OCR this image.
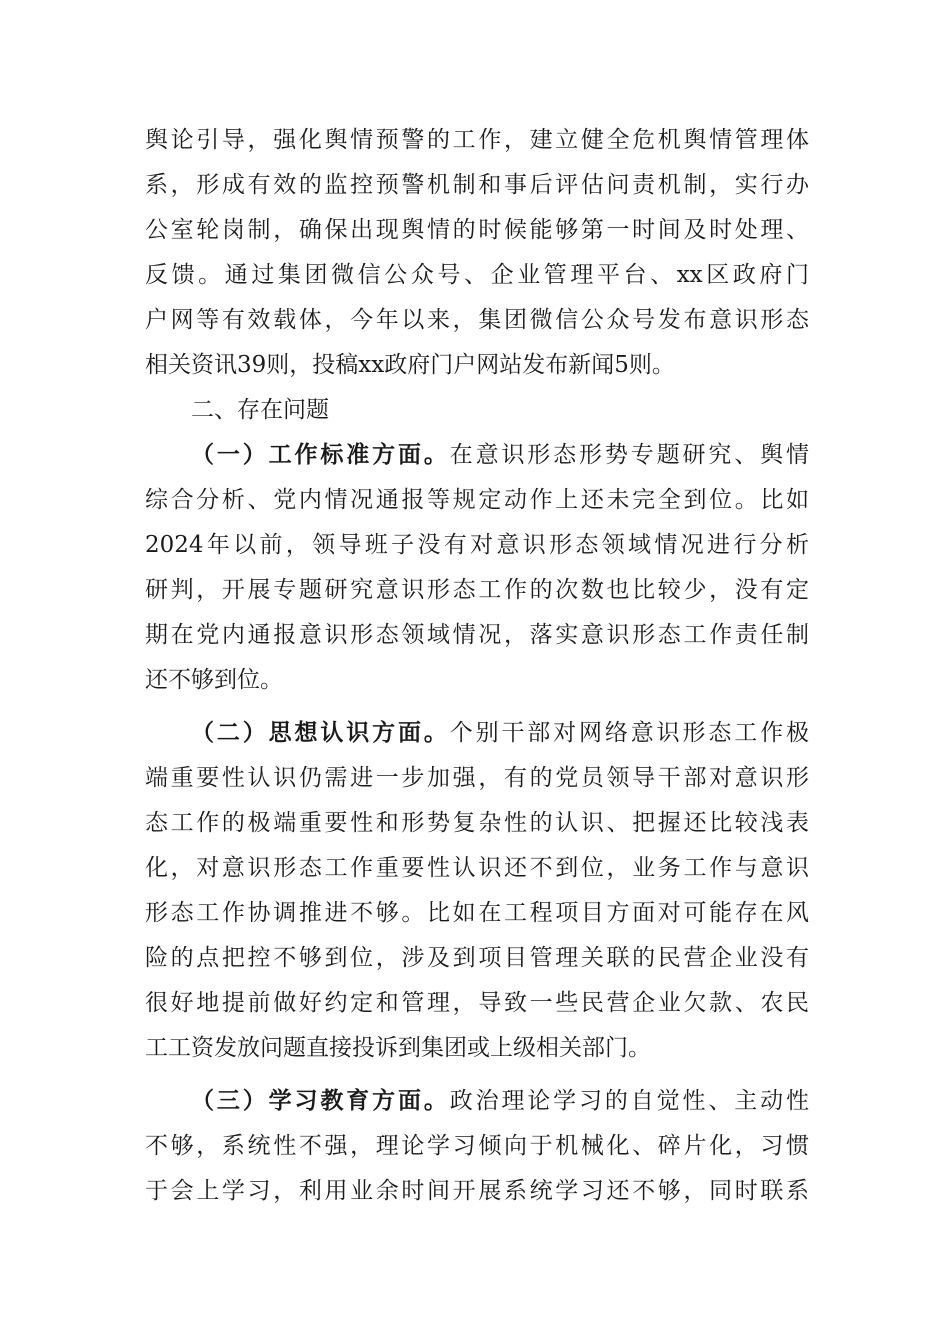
舆论引导，强化舆情预警的工作，建立健全危机舆情管理体
系，形成有效的监控预警机制和事后评估问责机制，实行办
公室轮岗制，确保出现舆情的时候能够第一时间及时处理、
反馈。通过集团微信公众号、企业管理平台、xx区政府门
户网等有效载体，今年以来，集团微信公众号发布意识形态
相关资讯39则，投稿xx政府门户网站发布新闻5则。
二、存在问题
（一）工作标准方面。在意识形态形势专题研究、舆情
综合分析、党内情况通报等规定动作上还未完全到位。比如
2024年以前，领导班子没有对意识形态领域情况进行分析
研判，开展专题研究意识形态工作的次数也比较少，没有定
期在党内通报意识形态领域情况，落实意识形态工作责任制
还不够到位。
（二）思想认识方面。个别干部对网络意识形态工作极
端重要性认识仍需进一步加强，有的党员领导干部对意识形
态工作的极端重要性和形势复杂性的认识、把握还比较浅表
化，对意识形态工作重要性认识还不到位，业务工作与意识
形态工作协调推进不够。比如在工程项目方面对可能存在风
险的点把控不够到位，涉及到项目管理关联的民营企业没有
很好地提前做好约定和管理，导致一些民营企业欠款、农民
工工资发放问题直接投诉到集团或上级相关部门。
（三）学习教育方面。政治理论学习的自觉性、主动性
不够，系统性不强，理论学习倾向于机械化、碎片化，习惯
于会上学习，利用业余时间开展系统学习还不够，同时联系
